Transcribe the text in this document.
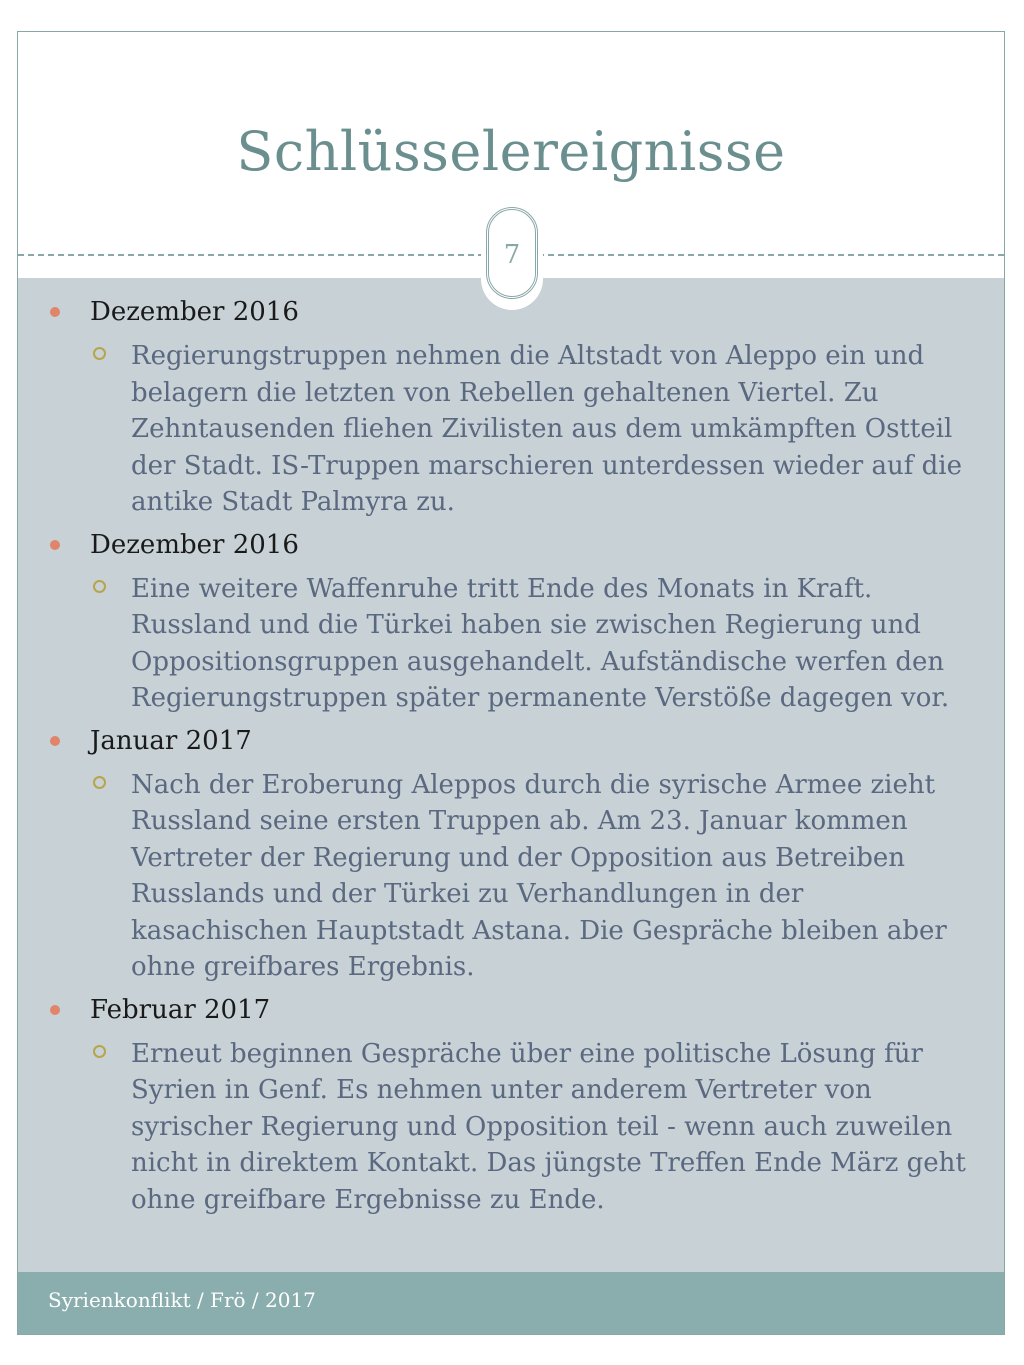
Schlüsselereignisse
7
Dezember 2016
Regierungstruppen nehmen die Altstadt von Aleppo ein und belagern die letzten von Rebellen gehaltenen Viertel. Zu Zehntausenden fliehen Zivilisten aus dem umkämpften Ostteil der Stadt. IS-Truppen marschieren unterdessen wieder auf die antike Stadt Palmyra zu.
Dezember 2016
Eine weitere Waffenruhe tritt Ende des Monats in Kraft. Russland und die Türkei haben sie zwischen Regierung und Oppositionsgruppen ausgehandelt. Aufständische werfen den Regierungstruppen später permanente Verstöße dagegen vor.
Januar 2017
Nach der Eroberung Aleppos durch die syrische Armee zieht Russland seine ersten Truppen ab. Am 23. Januar kommen Vertreter der Regierung und der Opposition aus Betreiben Russlands und der Türkei zu Verhandlungen in der kasachischen Hauptstadt Astana. Die Gespräche bleiben aber ohne greifbares Ergebnis.
Februar 2017
Erneut beginnen Gespräche über eine politische Lösung für Syrien in Genf. Es nehmen unter anderem Vertreter von syrischer Regierung und Opposition teil - wenn auch zuweilen nicht in direktem Kontakt. Das jüngste Treffen Ende März geht ohne greifbare Ergebnisse zu Ende.
Syrienkonflikt / Frö / 2017
